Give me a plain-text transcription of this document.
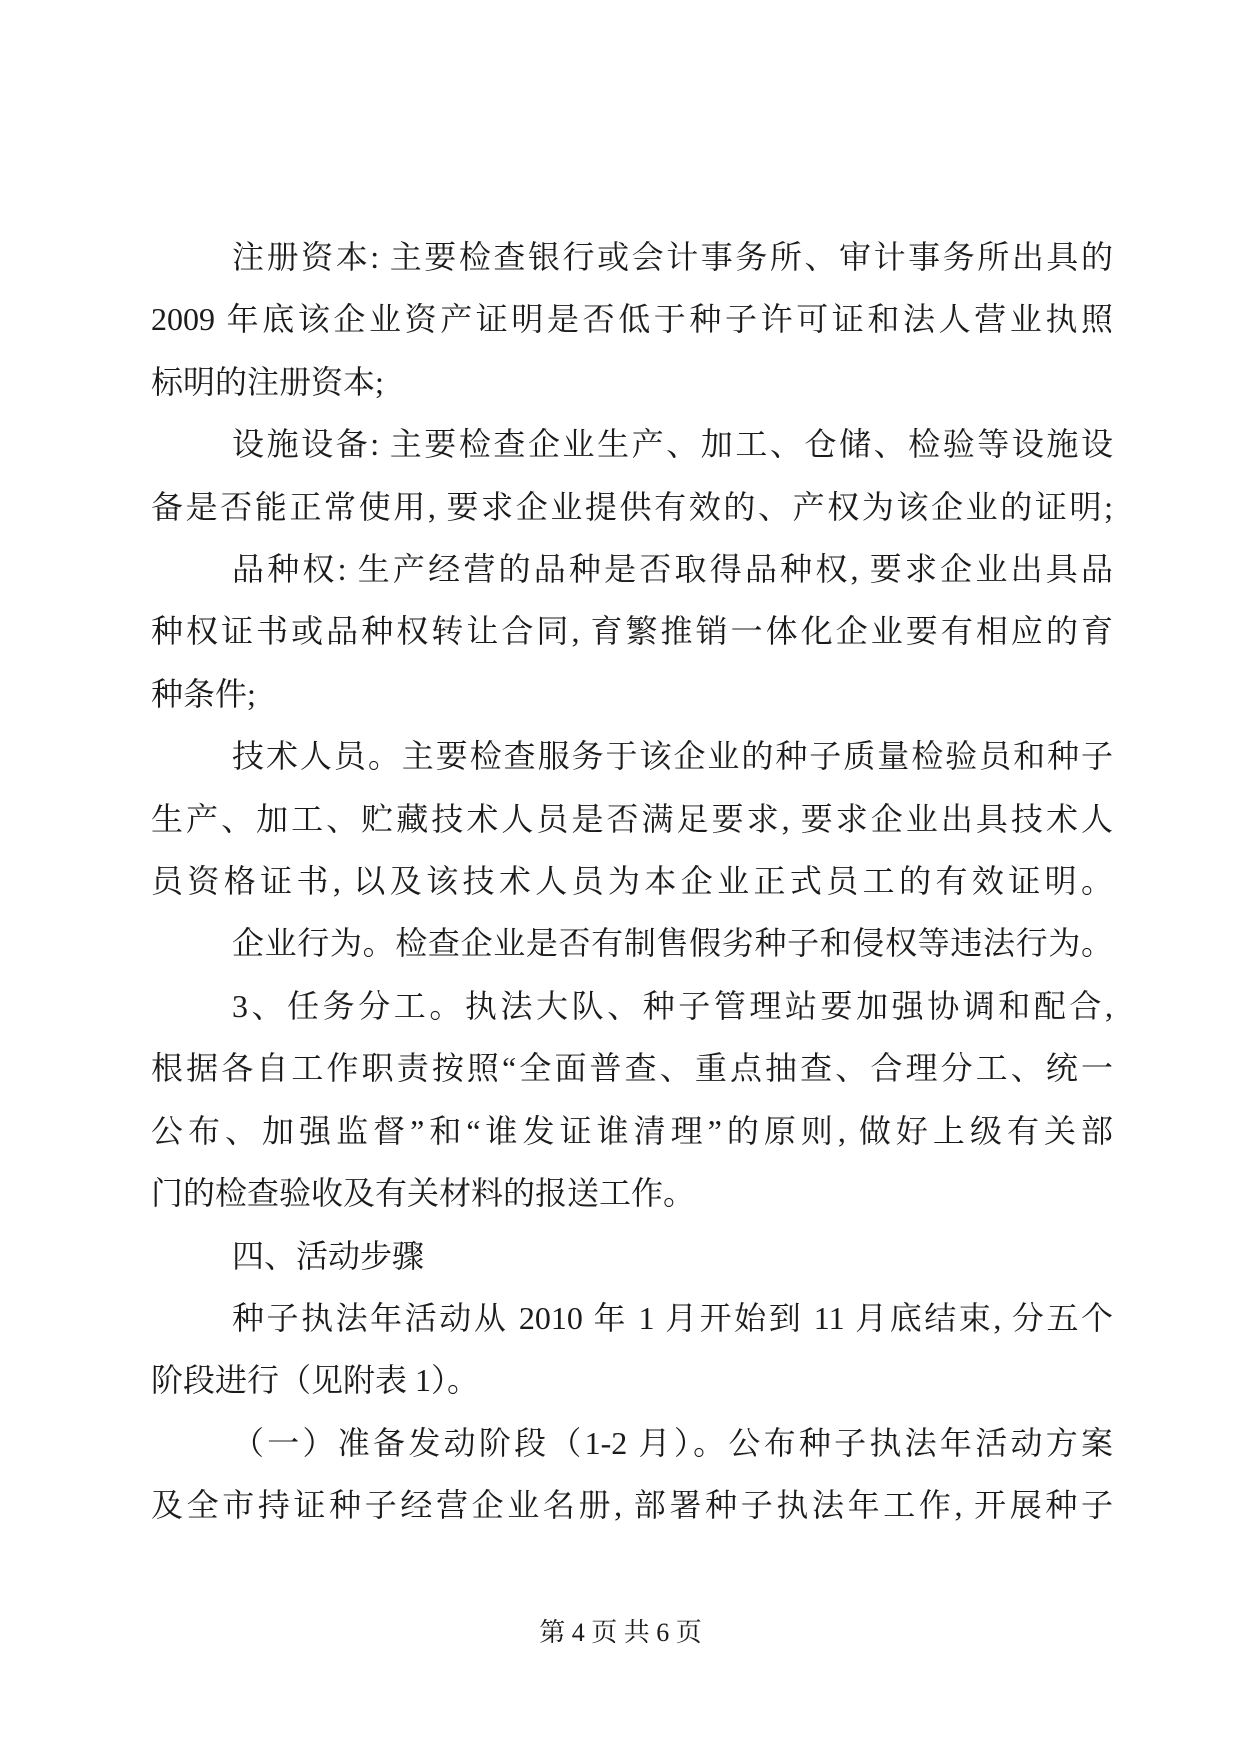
注册资本: 主要检查银行或会计事务所、审计事务所出具的
2009 年底该企业资产证明是否低于种子许可证和法人营业执照
标明的注册资本;
设施设备: 主要检查企业生产、加工、仓储、检验等设施设
备是否能正常使用, 要求企业提供有效的、产权为该企业的证明;
品种权: 生产经营的品种是否取得品种权, 要求企业出具品
种权证书或品种权转让合同, 育繁推销一体化企业要有相应的育
种条件;
技术人员。主要检查服务于该企业的种子质量检验员和种子
生产、加工、贮藏技术人员是否满足要求, 要求企业出具技术人
员资格证书, 以及该技术人员为本企业正式员工的有效证明。
企业行为。检查企业是否有制售假劣种子和侵权等违法行为。
3、任务分工。执法大队、种子管理站要加强协调和配合,
根据各自工作职责按照“全面普查、重点抽查、合理分工、统一
公布、加强监督”和“谁发证谁清理”的原则, 做好上级有关部
门的检查验收及有关材料的报送工作。
四、活动步骤
种子执法年活动从 2010 年 1 月开始到 11 月底结束, 分五个
阶段进行（见附表 1）。
（一）准备发动阶段（1-2 月）。公布种子执法年活动方案
及全市持证种子经营企业名册, 部署种子执法年工作, 开展种子
第 4 页 共 6 页
